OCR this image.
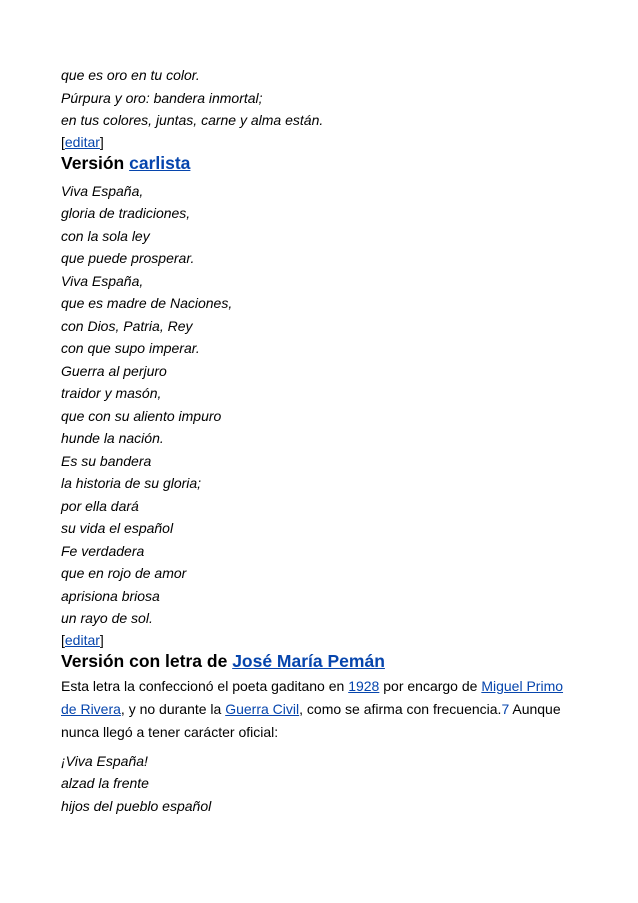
que es oro en tu color.
Púrpura y oro: bandera inmortal;
en tus colores, juntas, carne y alma están.
[editar]
Versión carlista
Viva España,
gloria de tradiciones,
con la sola ley
que puede prosperar.
Viva España,
que es madre de Naciones,
con Dios, Patria, Rey
con que supo imperar.
Guerra al perjuro
traidor y masón,
que con su aliento impuro
hunde la nación.
Es su bandera
la historia de su gloria;
por ella dará
su vida el español
Fe verdadera
que en rojo de amor
aprisiona briosa
un rayo de sol.
[editar]
Versión con letra de José María Pemán
Esta letra la confeccionó el poeta gaditano en 1928 por encargo de Miguel Primo de Rivera, y no durante la Guerra Civil, como se afirma con frecuencia.7 Aunque nunca llegó a tener carácter oficial:
¡Viva España!
alzad la frente
hijos del pueblo español
